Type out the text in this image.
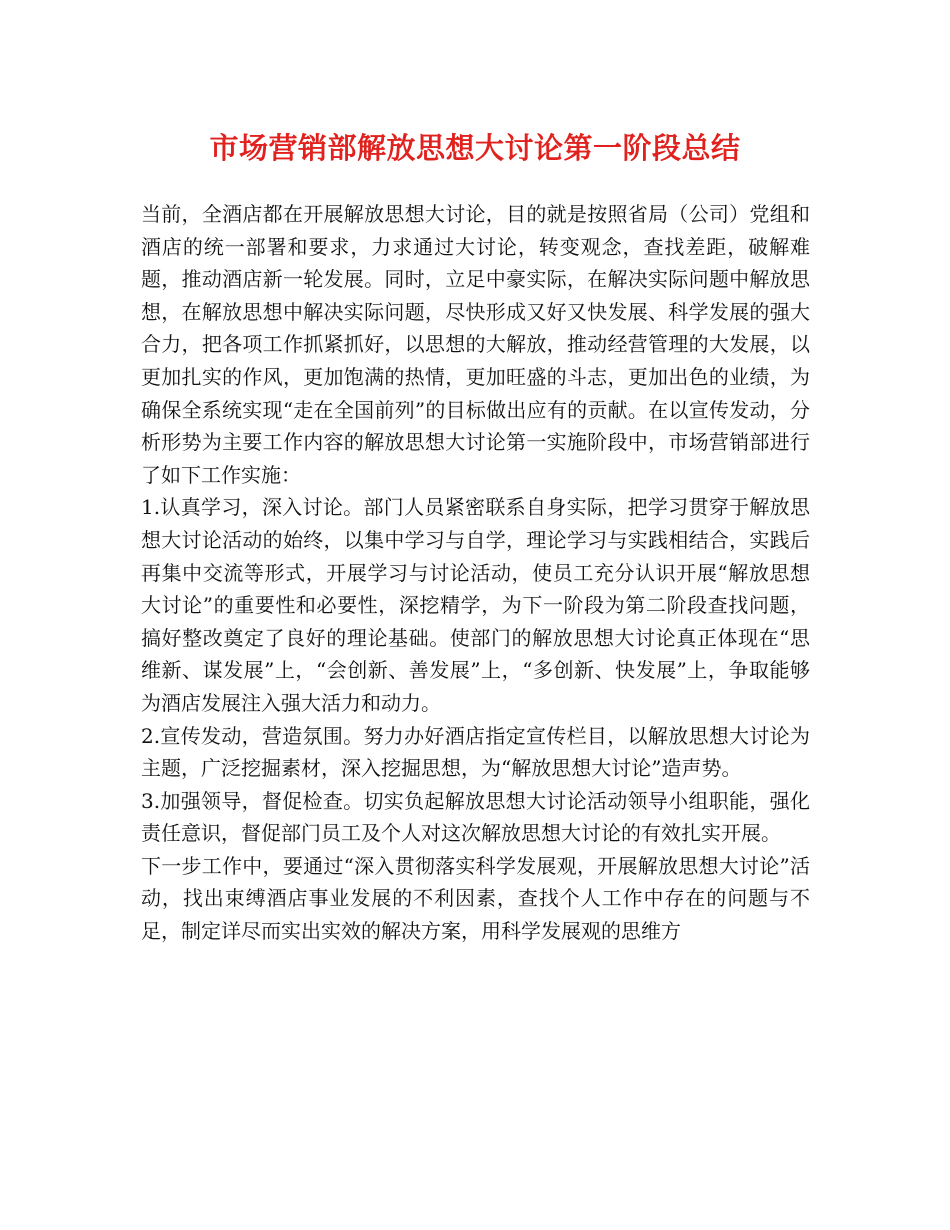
市场营销部解放思想大讨论第一阶段总结

当前，全酒店都在开展解放思想大讨论，目的就是按照省局（公司）党组和酒店的统一部署和要求，力求通过大讨论，转变观念，查找差距，破解难题，推动酒店新一轮发展。同时，立足中豪实际，在解决实际问题中解放思想，在解放思想中解决实际问题，尽快形成又好又快发展、科学发展的强大合力，把各项工作抓紧抓好，以思想的大解放，推动经营管理的大发展，以更加扎实的作风，更加饱满的热情，更加旺盛的斗志，更加出色的业绩，为确保全系统实现“走在全国前列”的目标做出应有的贡献。在以宣传发动，分析形势为主要工作内容的解放思想大讨论第一实施阶段中，市场营销部进行了如下工作实施：

1.认真学习，深入讨论。部门人员紧密联系自身实际，把学习贯穿于解放思想大讨论活动的始终，以集中学习与自学，理论学习与实践相结合，实践后再集中交流等形式，开展学习与讨论活动，使员工充分认识开展“解放思想大讨论”的重要性和必要性，深挖精学，为下一阶段为第二阶段查找问题，搞好整改奠定了良好的理论基础。使部门的解放思想大讨论真正体现在“思维新、谋发展”上，“会创新、善发展”上，“多创新、快发展”上，争取能够为酒店发展注入强大活力和动力。

2.宣传发动，营造氛围。努力办好酒店指定宣传栏目，以解放思想大讨论为主题，广泛挖掘素材，深入挖掘思想，为“解放思想大讨论”造声势。

3.加强领导，督促检查。切实负起解放思想大讨论活动领导小组职能，强化责任意识，督促部门员工及个人对这次解放思想大讨论的有效扎实开展。

下一步工作中，要通过“深入贯彻落实科学发展观，开展解放思想大讨论”活动，找出束缚酒店事业发展的不利因素，查找个人工作中存在的问题与不足，制定详尽而实出实效的解决方案，用科学发展观的思维方
